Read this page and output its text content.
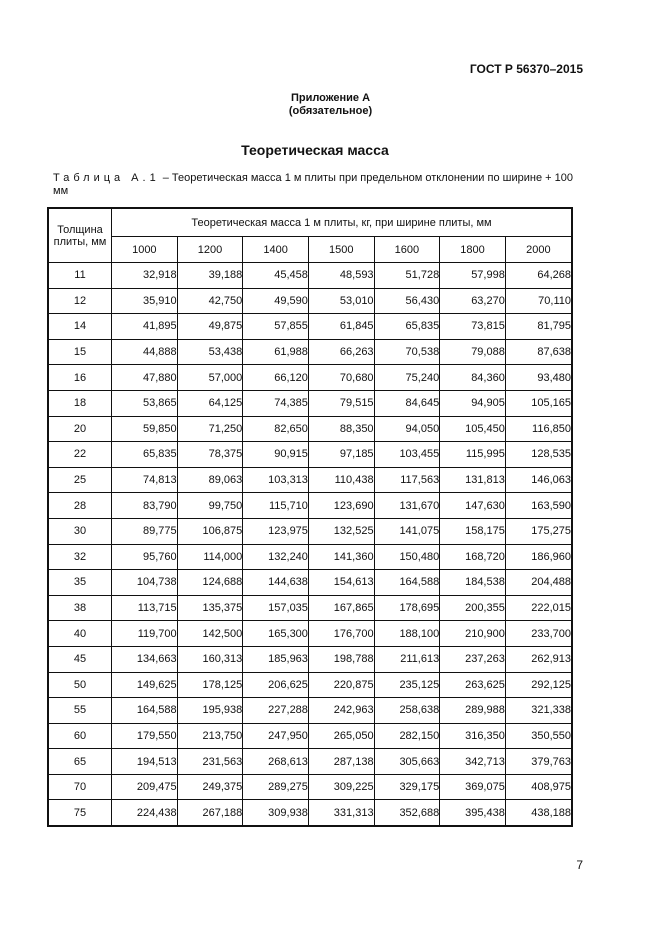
ГОСТ Р 56370–2015
Приложение А
(обязательное)
Теоретическая масса
Таблица А.1 – Теоретическая масса 1 м плиты при предельном отклонении по ширине + 100 мм
Толщина плиты, мм	Теоретическая масса 1 м плиты, кг, при ширине плиты, мм						
	1000	1200	1400	1500	1600	1800	2000
11	32,918	39,188	45,458	48,593	51,728	57,998	64,268
12	35,910	42,750	49,590	53,010	56,430	63,270	70,110
14	41,895	49,875	57,855	61,845	65,835	73,815	81,795
15	44,888	53,438	61,988	66,263	70,538	79,088	87,638
16	47,880	57,000	66,120	70,680	75,240	84,360	93,480
18	53,865	64,125	74,385	79,515	84,645	94,905	105,165
20	59,850	71,250	82,650	88,350	94,050	105,450	116,850
22	65,835	78,375	90,915	97,185	103,455	115,995	128,535
25	74,813	89,063	103,313	110,438	117,563	131,813	146,063
28	83,790	99,750	115,710	123,690	131,670	147,630	163,590
30	89,775	106,875	123,975	132,525	141,075	158,175	175,275
32	95,760	114,000	132,240	141,360	150,480	168,720	186,960
35	104,738	124,688	144,638	154,613	164,588	184,538	204,488
38	113,715	135,375	157,035	167,865	178,695	200,355	222,015
40	119,700	142,500	165,300	176,700	188,100	210,900	233,700
45	134,663	160,313	185,963	198,788	211,613	237,263	262,913
50	149,625	178,125	206,625	220,875	235,125	263,625	292,125
55	164,588	195,938	227,288	242,963	258,638	289,988	321,338
60	179,550	213,750	247,950	265,050	282,150	316,350	350,550
65	194,513	231,563	268,613	287,138	305,663	342,713	379,763
70	209,475	249,375	289,275	309,225	329,175	369,075	408,975
75	224,438	267,188	309,938	331,313	352,688	395,438	438,188
7
